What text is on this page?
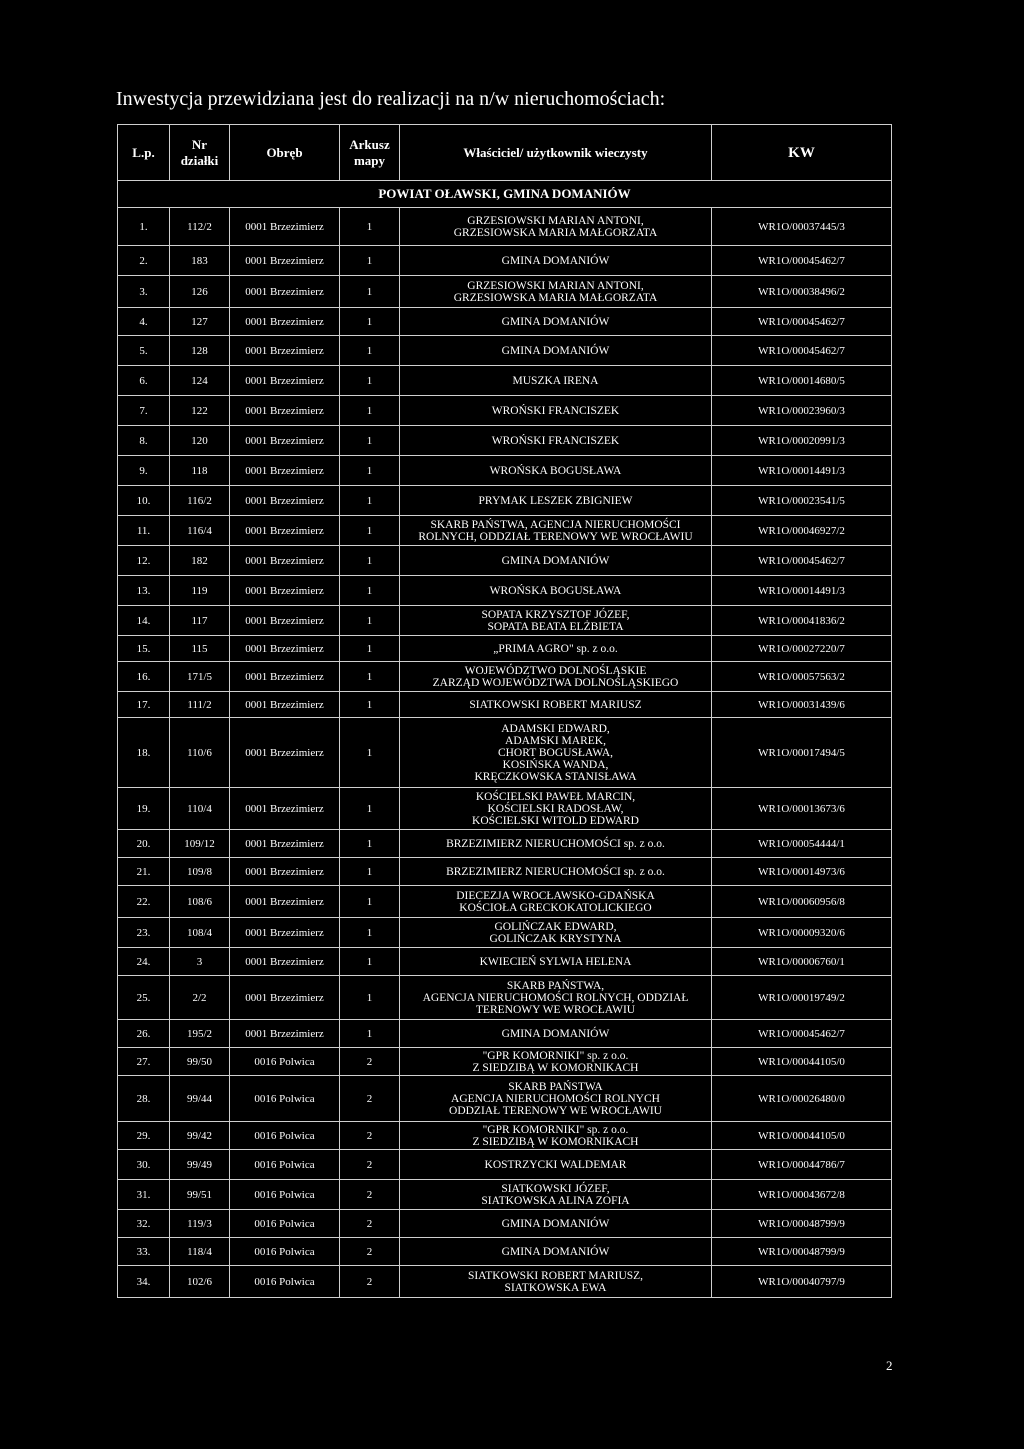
Inwestycja przewidziana jest do realizacji na n/w nieruchomościach:
L.p.	Nr działki	Obręb	Arkusz mapy	Właściciel/ użytkownik wieczysty	KW
POWIAT OŁAWSKI, GMINA DOMANIÓW					
1.	112/2	0001 Brzezimierz	1	GRZESIOWSKI MARIAN ANTONI,
GRZESIOWSKA MARIA MAŁGORZATA	WR1O/00037445/3
2.	183	0001 Brzezimierz	1	GMINA DOMANIÓW	WR1O/00045462/7
3.	126	0001 Brzezimierz	1	GRZESIOWSKI MARIAN ANTONI,
GRZESIOWSKA MARIA MAŁGORZATA	WR1O/00038496/2
4.	127	0001 Brzezimierz	1	GMINA DOMANIÓW	WR1O/00045462/7
5.	128	0001 Brzezimierz	1	GMINA DOMANIÓW	WR1O/00045462/7
6.	124	0001 Brzezimierz	1	MUSZKA IRENA	WR1O/00014680/5
7.	122	0001 Brzezimierz	1	WROŃSKI FRANCISZEK	WR1O/00023960/3
8.	120	0001 Brzezimierz	1	WROŃSKI FRANCISZEK	WR1O/00020991/3
9.	118	0001 Brzezimierz	1	WROŃSKA BOGUSŁAWA	WR1O/00014491/3
10.	116/2	0001 Brzezimierz	1	PRYMAK LESZEK ZBIGNIEW	WR1O/00023541/5
11.	116/4	0001 Brzezimierz	1	SKARB PAŃSTWA, AGENCJA NIERUCHOMOŚCI
ROLNYCH, ODDZIAŁ TERENOWY WE WROCŁAWIU	WR1O/00046927/2
12.	182	0001 Brzezimierz	1	GMINA DOMANIÓW	WR1O/00045462/7
13.	119	0001 Brzezimierz	1	WROŃSKA BOGUSŁAWA	WR1O/00014491/3
14.	117	0001 Brzezimierz	1	SOPATA KRZYSZTOF JÓZEF,
SOPATA BEATA ELŻBIETA	WR1O/00041836/2
15.	115	0001 Brzezimierz	1	„PRIMA AGRO" sp. z o.o.	WR1O/00027220/7
16.	171/5	0001 Brzezimierz	1	WOJEWÓDZTWO DOLNOŚLĄSKIE
ZARZĄD WOJEWÓDZTWA DOLNOŚLĄSKIEGO	WR1O/00057563/2
17.	111/2	0001 Brzezimierz	1	SIATKOWSKI ROBERT MARIUSZ	WR1O/00031439/6
18.	110/6	0001 Brzezimierz	1	ADAMSKI EDWARD,
ADAMSKI MAREK,
CHORT BOGUSŁAWA,
KOSIŃSKA WANDA,
KRĘCZKOWSKA STANISŁAWA	WR1O/00017494/5
19.	110/4	0001 Brzezimierz	1	KOŚCIELSKI PAWEŁ MARCIN,
KOŚCIELSKI RADOSŁAW,
KOŚCIELSKI WITOLD EDWARD	WR1O/00013673/6
20.	109/12	0001 Brzezimierz	1	BRZEZIMIERZ NIERUCHOMOŚCI sp. z o.o.	WR1O/00054444/1
21.	109/8	0001 Brzezimierz	1	BRZEZIMIERZ NIERUCHOMOŚCI sp. z o.o.	WR1O/00014973/6
22.	108/6	0001 Brzezimierz	1	DIECEZJA WROCŁAWSKO-GDAŃSKA
KOŚCIOŁA GRECKOKATOLICKIEGO	WR1O/00060956/8
23.	108/4	0001 Brzezimierz	1	GOLIŃCZAK EDWARD,
GOLIŃCZAK KRYSTYNA	WR1O/00009320/6
24.	3	0001 Brzezimierz	1	KWIECIEŃ SYLWIA HELENA	WR1O/00006760/1
25.	2/2	0001 Brzezimierz	1	SKARB PAŃSTWA,
AGENCJA NIERUCHOMOŚCI ROLNYCH, ODDZIAŁ
TERENOWY WE WROCŁAWIU	WR1O/00019749/2
26.	195/2	0001 Brzezimierz	1	GMINA DOMANIÓW	WR1O/00045462/7
27.	99/50	0016 Polwica	2	"GPR KOMORNIKI" sp. z o.o.
Z SIEDZIBĄ W KOMORNIKACH	WR1O/00044105/0
28.	99/44	0016 Polwica	2	SKARB PAŃSTWA
AGENCJA NIERUCHOMOŚCI ROLNYCH
ODDZIAŁ TERENOWY WE WROCŁAWIU	WR1O/00026480/0
29.	99/42	0016 Polwica	2	"GPR KOMORNIKI" sp. z o.o.
Z SIEDZIBĄ W KOMORNIKACH	WR1O/00044105/0
30.	99/49	0016 Polwica	2	KOSTRZYCKI WALDEMAR	WR1O/00044786/7
31.	99/51	0016 Polwica	2	SIATKOWSKI JÓZEF,
SIATKOWSKA ALINA ZOFIA	WR1O/00043672/8
32.	119/3	0016 Polwica	2	GMINA DOMANIÓW	WR1O/00048799/9
33.	118/4	0016 Polwica	2	GMINA DOMANIÓW	WR1O/00048799/9
34.	102/6	0016 Polwica	2	SIATKOWSKI ROBERT MARIUSZ,
SIATKOWSKA EWA	WR1O/00040797/9
2
